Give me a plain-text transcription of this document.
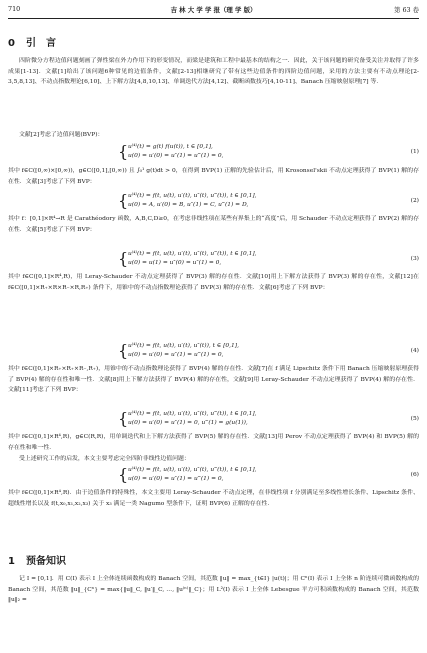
710	吉 林 大 学 学 报（理 学 版）	第 63 卷
0 引　言

四阶微分方程边值问题刻画了弹性梁在外力作用下的形变情况，而梁是建筑和工程中最基本的结构之一．因此，关于该问题的研究备受关注并取得了许多成果[1-13]．文献[1]给出了该问题6种常见的边值条件，文献[2-13]相继研究了带有这些边值条件的四阶边值问题，采用的方法主要有不动点理论[2-3,5,8,13]、不动点指数理论[6,10]、上下解方法[4,8,10,13]、单调迭代方法[4,12]、截断函数技巧[4,10-11]、Banach 压缩映射原理[7] 等．

文献[2]考虑了边值问题(BVP)：

{ u⁽⁴⁾(t) = g(t) f(u(t)), t ∈ [0,1],
u(0) = u′(0) = u″(1) = u‴(1) = 0,
(1)

其中 f∈C([0,∞)×[0,∞))，g∈C([0,1],[0,∞)) 且 ∫₀¹ g(t)dt > 0，在得到 BVP(1) 正解的先验估计后，用 Krosonsel'skii 不动点定理获得了 BVP(1) 解的存在性．文献[3]考虑了下列 BVP：

{ u⁽⁴⁾(t) = f(t, u(t), u′(t), u″(t), u‴(t)), t ∈ [0,1],
u(0) = A, u′(0) = B, u″(1) = C, u‴(1) = D,
(2)

其中 f：[0,1]×R⁴→R 是 Carathéodory 函数，A,B,C,D≥0，在考虑非线性项在某些有界集上的“高度”后，用 Schauder 不动点定理获得了 BVP(2) 解的存在性．文献[5]考虑了下列 BVP：

{ u⁽⁴⁾(t) = f(t, u(t), u′(t), u″(t), u‴(t)), t ∈ [0,1],
u(0) = u(1) = u″(0) = u″(1) = 0,
(3)

其中 f∈C([0,1]×R⁴,R)，用 Leray-Schauder 不动点定理获得了 BVP(3) 解的存在性．文献[10]用上下解方法获得了 BVP(3) 解的存在性，文献[12]在 f∈C([0,1]×R₊×R×R₋×R,R₊) 条件下，用锥中的不动点指数理论获得了 BVP(3) 解的存在性．文献[6]考虑了下列 BVP：

{ u⁽⁴⁾(t) = f(t, u(t), u′(t), u″(t)), t ∈ [0,1],
u(0) = u′(0) = u″(1) = u‴(1) = 0,
(4)

其中 f∈C([0,1]×R₊×R₊×R₋,R₊)，用锥中的不动点指数理论获得了 BVP(4) 解的存在性．文献[7]在 f 满足 Lipschitz 条件下用 Banach 压缩映射原理获得了 BVP(4) 解的存在性和唯一性．文献[8]用上下解方法获得了 BVP(4) 解的存在性，文献[9]用 Leray-Schauder 不动点定理获得了 BVP(4) 解的存在性．文献[11]考虑了下列 BVP：

{ u⁽⁴⁾(t) = f(t, u(t), u′(t), u″(t), u‴(t)), t ∈ [0,1],
u(0) = u′(0) = u″(1) = 0, u‴(1) = g(u(1)),
(5)

其中 f∈C([0,1]×R⁴,R)，g∈C(R,R)，用单调迭代和上下解方法获得了 BVP(5) 解的存在性．文献[13]用 Perov 不动点定理获得了 BVP(4) 和 BVP(5) 解的存在性和唯一性．

受上述研究工作的启发，本文主要考虑完全四阶非线性边值问题：

{ u⁽⁴⁾(t) = f(t, u(t), u′(t), u″(t), u‴(t)), t ∈ [0,1],
u(0) = u′(0) = u″(1) = u‴(1) = 0,
(6)

其中 f∈C([0,1]×R⁴,R)．由于边值条件的特殊性，本文主要用 Leray-Schauder 不动点定理，在非线性项 f 分别满足至多线性增长条件、Lipschitz 条件、超线性增长以及 f(t,x₀,x₁,x₂,x₃) 关于 x₃ 满足一类 Nagumo 型条件下，证明 BVP(6) 正解的存在性．

1 预备知识

记 I = [0,1]．用 C(I) 表示 I 上全体连续函数构成的 Banach 空间，其范数 ‖u‖ = max_{t∈I} |u(t)|；用 Cⁿ(I) 表示 I 上全体 n 阶连续可微函数构成的 Banach 空间，其范数 ‖u‖_{Cⁿ} = max{‖u‖_C, ‖u′‖_C, …, ‖u⁽ⁿ⁾‖_C}；用 L²(I) 表示 I 上全体 Lebesgue 平方可积函数构成的 Banach 空间，其范数 ‖u‖₂ =
